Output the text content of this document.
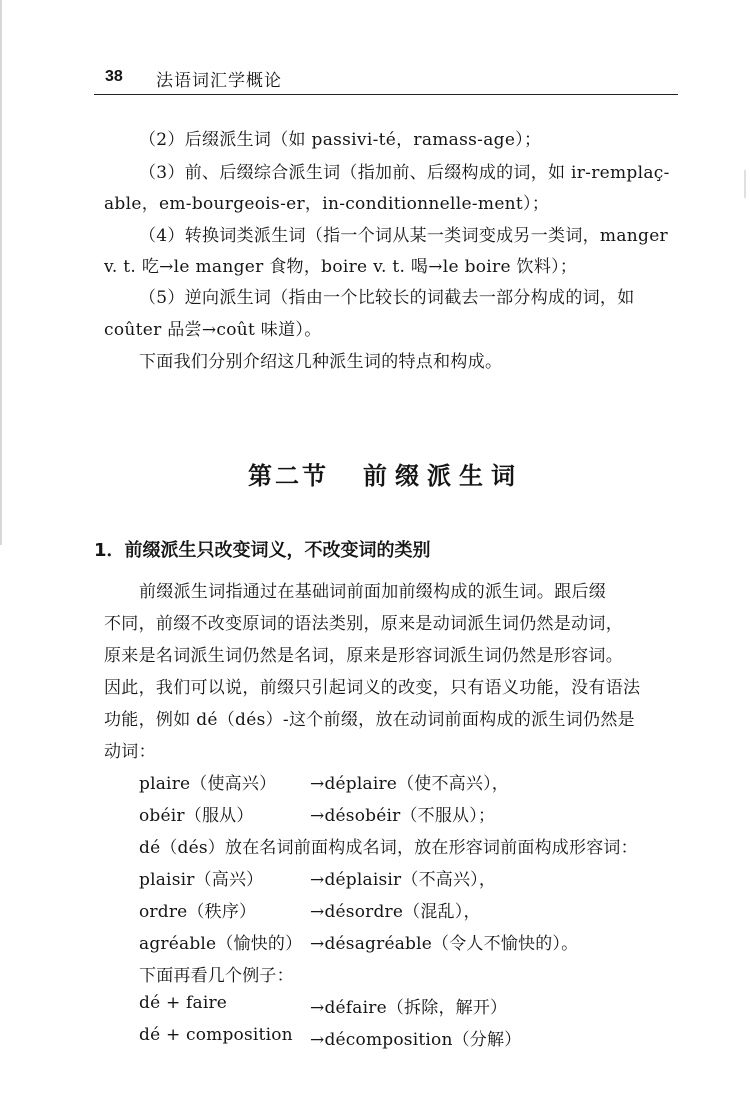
38 法语词汇学概论
（2）后缀派生词（如 passivi-té，ramass-age）；
（3）前、后缀综合派生词（指加前、后缀构成的词，如 ir-remplaç-
able，em-bourgeois-er，in-conditionnelle-ment）；
（4）转换词类派生词（指一个词从某一类词变成另一类词，manger
v. t. 吃→le manger 食物，boire v. t. 喝→le boire 饮料）；
（5）逆向派生词（指由一个比较长的词截去一部分构成的词，如
coûter 品尝→coût 味道）。
下面我们分别介绍这几种派生词的特点和构成。
第二节 前缀派生词
1．前缀派生只改变词义，不改变词的类别
前缀派生词指通过在基础词前面加前缀构成的派生词。跟后缀
不同，前缀不改变原词的语法类别，原来是动词派生词仍然是动词，
原来是名词派生词仍然是名词，原来是形容词派生词仍然是形容词。
因此，我们可以说，前缀只引起词义的改变，只有语义功能，没有语法
功能，例如 dé（dés）-这个前缀，放在动词前面构成的派生词仍然是
动词：
plaire（使高兴） →déplaire（使不高兴），
obéir（服从）	→désobéir（不服从）；
dé（dés）放在名词前面构成名词，放在形容词前面构成形容词：
plaisir（高兴）	→déplaisir（不高兴），
ordre（秩序）	→désordre（混乱），
agréable（愉快的） →désagréable（令人不愉快的）。
下面再看几个例子：
dé + faire	→défaire（拆除，解开）
dé + composition →décomposition（分解）
